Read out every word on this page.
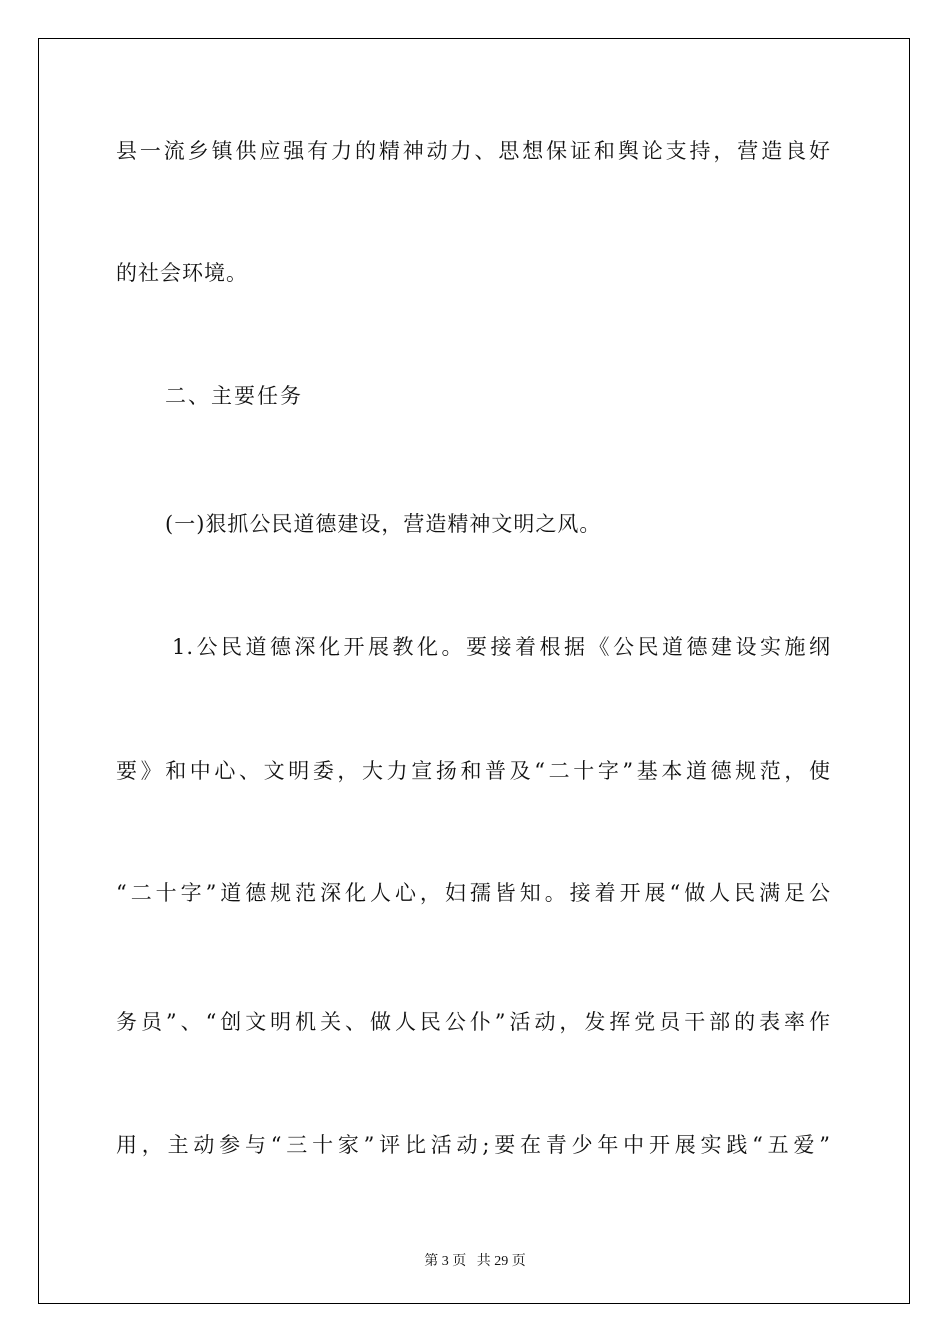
县一流乡镇供应强有力的精神动力、思想保证和舆论支持，营造良好
的社会环境。
二、主要任务
(一)狠抓公民道德建设，营造精神文明之风。
1.公民道德深化开展教化。要接着根据《公民道德建设实施纲
要》和中心、文明委，大力宣扬和普及“二十字”基本道德规范，使
“二十字”道德规范深化人心，妇孺皆知。接着开展“做人民满足公
务员”、“创文明机关、做人民公仆”活动，发挥党员干部的表率作
用，主动参与“三十家”评比活动;要在青少年中开展实践“五爱”
第 3 页 共 29 页
